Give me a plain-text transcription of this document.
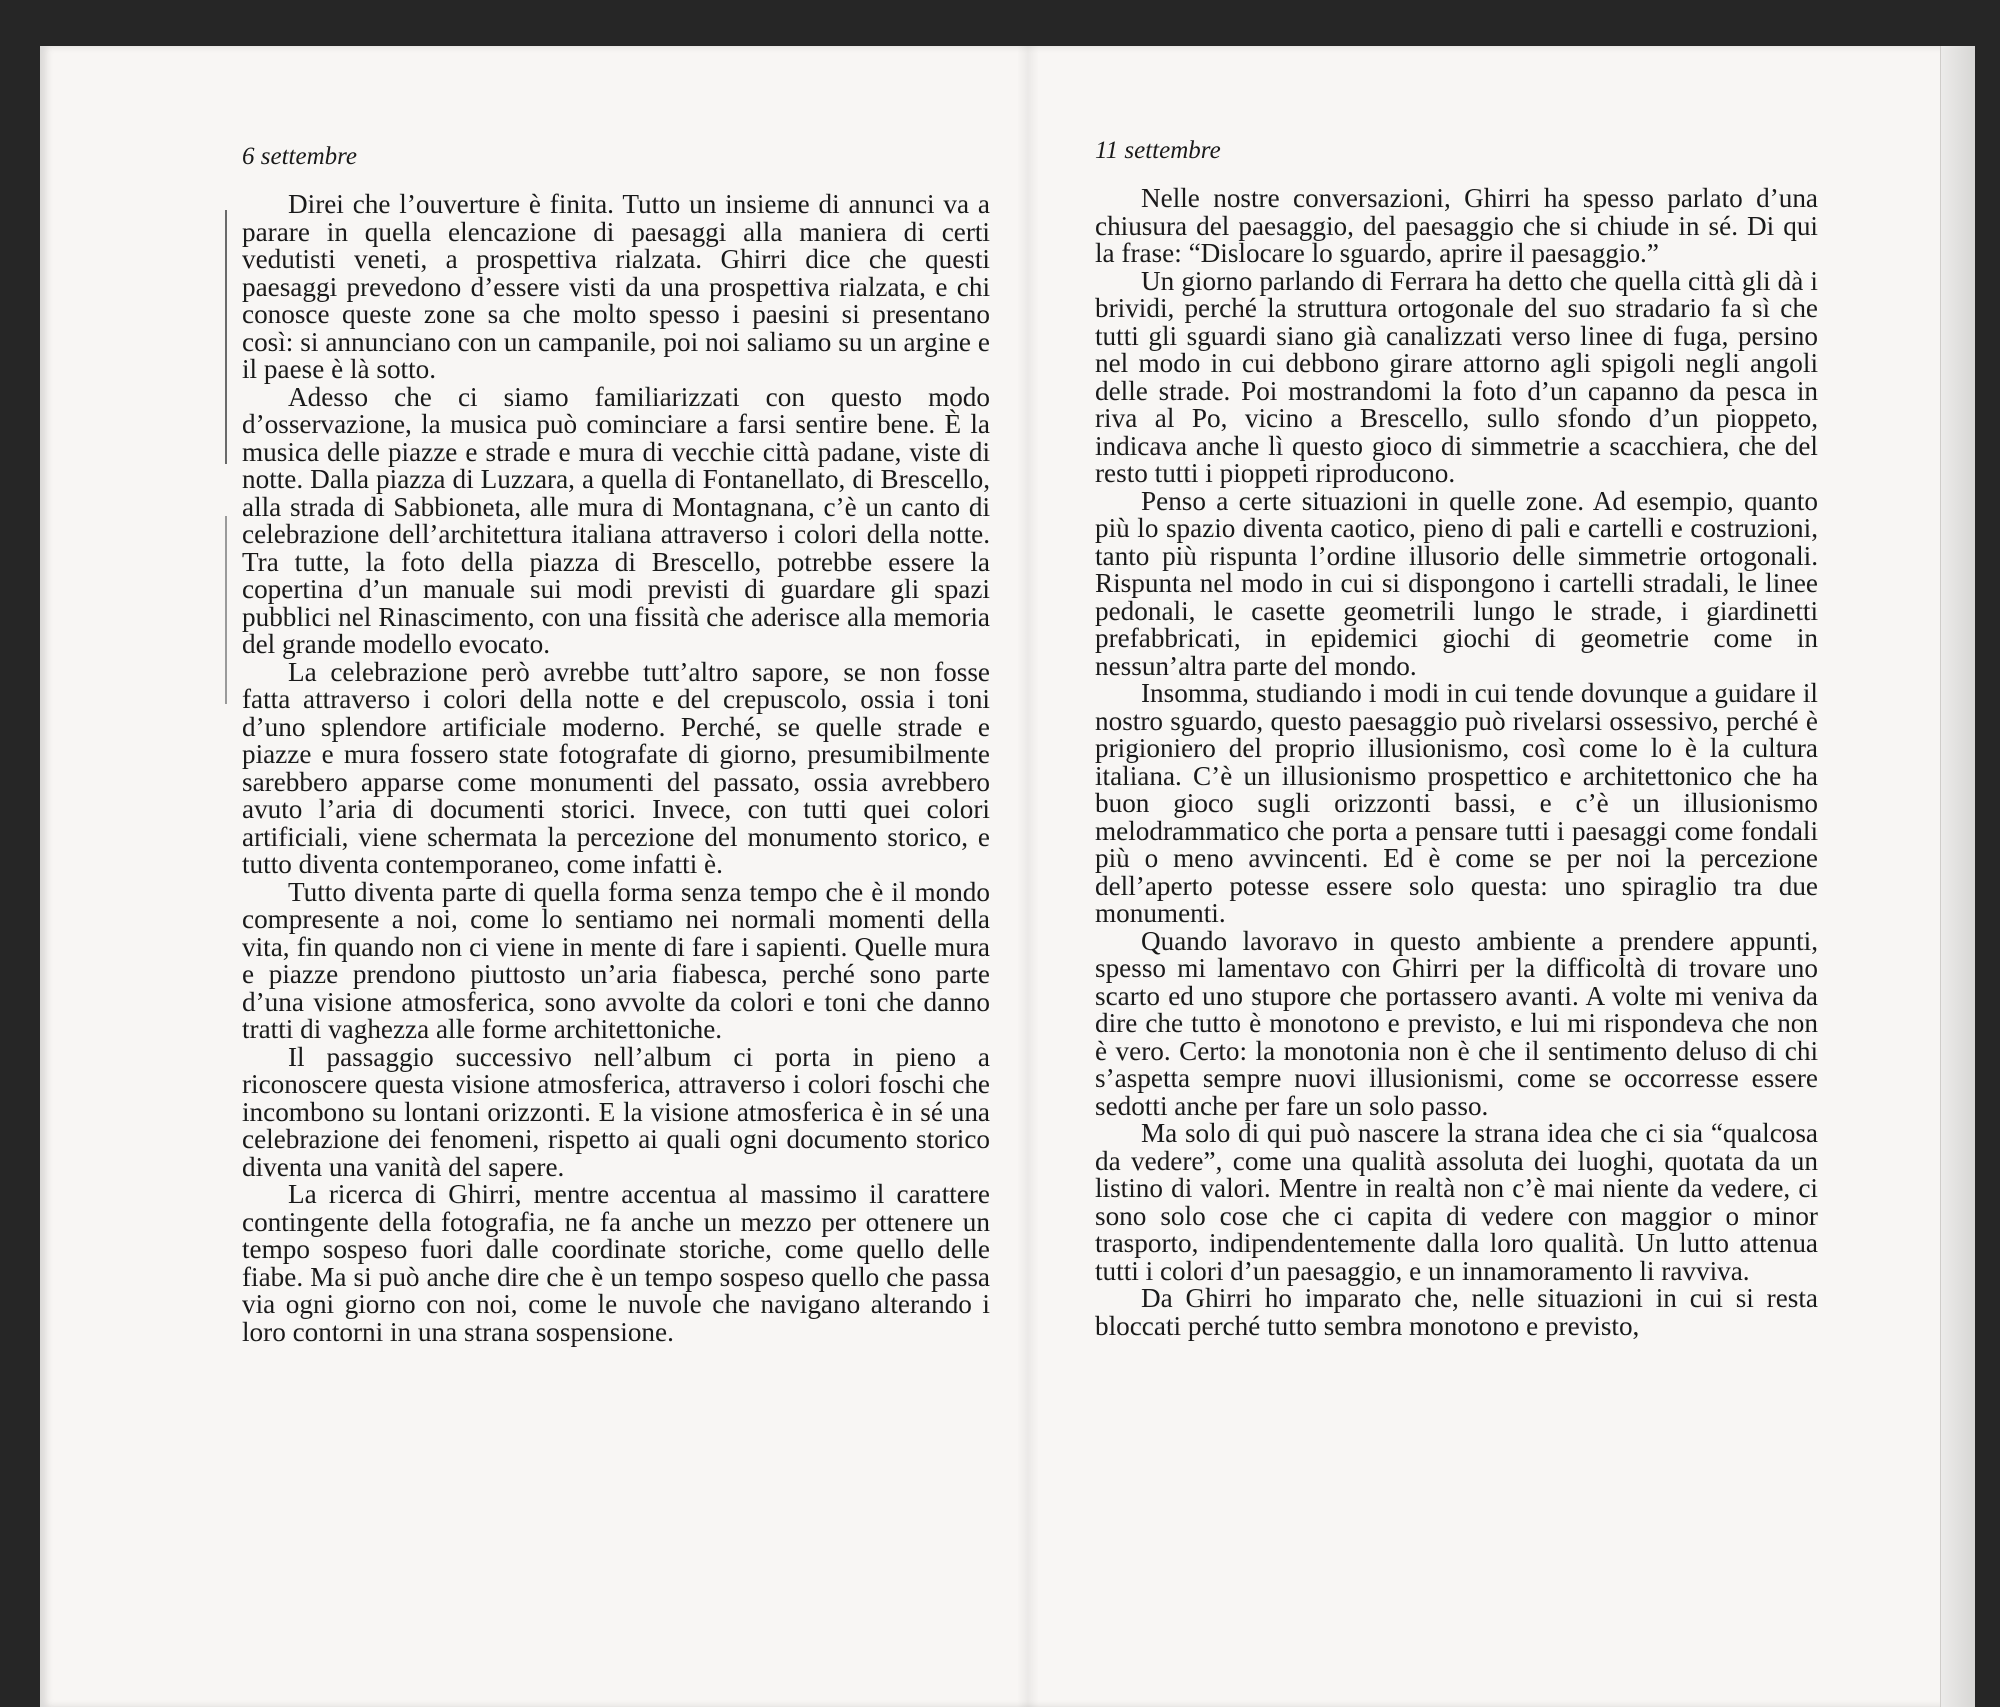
6 settembre

Direi che l’ouverture è finita. Tutto un insieme di annunci va a parare in quella elencazione di paesaggi alla maniera di certi vedutisti veneti, a prospettiva rialzata. Ghirri dice che questi paesaggi prevedono d’essere visti da una prospettiva rialzata, e chi conosce queste zone sa che molto spesso i paesini si presentano così: si annunciano con un campanile, poi noi saliamo su un argine e il paese è là sotto.

Adesso che ci siamo familiarizzati con questo modo d’osservazione, la musica può cominciare a farsi sentire bene. È la musica delle piazze e strade e mura di vecchie città padane, viste di notte. Dalla piazza di Luzzara, a quella di Fontanellato, di Brescello, alla strada di Sabbioneta, alle mura di Montagnana, c’è un canto di celebrazione dell’architettura italiana attraverso i colori della notte. Tra tutte, la foto della piazza di Brescello, potrebbe essere la copertina d’un manuale sui modi previsti di guardare gli spazi pubblici nel Rinascimento, con una fissità che aderisce alla memoria del grande modello evocato.

La celebrazione però avrebbe tutt’altro sapore, se non fosse fatta attraverso i colori della notte e del crepuscolo, ossia i toni d’uno splendore artificiale moderno. Perché, se quelle strade e piazze e mura fossero state fotografate di giorno, presumibilmente sarebbero apparse come monumenti del passato, ossia avrebbero avuto l’aria di documenti storici. Invece, con tutti quei colori artificiali, viene schermata la percezione del monumento storico, e tutto diventa contemporaneo, come infatti è.

Tutto diventa parte di quella forma senza tempo che è il mondo compresente a noi, come lo sentiamo nei normali momenti della vita, fin quando non ci viene in mente di fare i sapienti. Quelle mura e piazze prendono piuttosto un’aria fiabesca, perché sono parte d’una visione atmosferica, sono avvolte da colori e toni che danno tratti di vaghezza alle forme architettoniche.

Il passaggio successivo nell’album ci porta in pieno a riconoscere questa visione atmosferica, attraverso i colori foschi che incombono su lontani orizzonti. E la visione atmosferica è in sé una celebrazione dei fenomeni, rispetto ai quali ogni documento storico diventa una vanità del sapere.

La ricerca di Ghirri, mentre accentua al massimo il carattere contingente della fotografia, ne fa anche un mezzo per ottenere un tempo sospeso fuori dalle coordinate storiche, come quello delle fiabe. Ma si può anche dire che è un tempo sospeso quello che passa via ogni giorno con noi, come le nuvole che navigano alterando i loro contorni in una strana sospensione.

11 settembre

Nelle nostre conversazioni, Ghirri ha spesso parlato d’una chiusura del paesaggio, del paesaggio che si chiude in sé. Di qui la frase: “Dislocare lo sguardo, aprire il paesaggio.”

Un giorno parlando di Ferrara ha detto che quella città gli dà i brividi, perché la struttura ortogonale del suo stradario fa sì che tutti gli sguardi siano già canalizzati verso linee di fuga, persino nel modo in cui debbono girare attorno agli spigoli negli angoli delle strade. Poi mostrandomi la foto d’un capanno da pesca in riva al Po, vicino a Brescello, sullo sfondo d’un pioppeto, indicava anche lì questo gioco di simmetrie a scacchiera, che del resto tutti i pioppeti riproducono.

Penso a certe situazioni in quelle zone. Ad esempio, quanto più lo spazio diventa caotico, pieno di pali e cartelli e costruzioni, tanto più rispunta l’ordine illusorio delle simmetrie ortogonali. Rispunta nel modo in cui si dispongono i cartelli stradali, le linee pedonali, le casette geometrili lungo le strade, i giardinetti prefabbricati, in epidemici giochi di geometrie come in nessun’altra parte del mondo.

Insomma, studiando i modi in cui tende dovunque a guidare il nostro sguardo, questo paesaggio può rivelarsi ossessivo, perché è prigioniero del proprio illusionismo, così come lo è la cultura italiana. C’è un illusionismo prospettico e architettonico che ha buon gioco sugli orizzonti bassi, e c’è un illusionismo melodrammatico che porta a pensare tutti i paesaggi come fondali più o meno avvincenti. Ed è come se per noi la percezione dell’aperto potesse essere solo questa: uno spiraglio tra due monumenti.

Quando lavoravo in questo ambiente a prendere appunti, spesso mi lamentavo con Ghirri per la difficoltà di trovare uno scarto ed uno stupore che portassero avanti. A volte mi veniva da dire che tutto è monotono e previsto, e lui mi rispondeva che non è vero. Certo: la monotonia non è che il sentimento deluso di chi s’aspetta sempre nuovi illusionismi, come se occorresse essere sedotti anche per fare un solo passo.

Ma solo di qui può nascere la strana idea che ci sia “qualcosa da vedere”, come una qualità assoluta dei luoghi, quotata da un listino di valori. Mentre in realtà non c’è mai niente da vedere, ci sono solo cose che ci capita di vedere con maggior o minor trasporto, indipendentemente dalla loro qualità. Un lutto attenua tutti i colori d’un paesaggio, e un innamoramento li ravviva.

Da Ghirri ho imparato che, nelle situazioni in cui si resta bloccati perché tutto sembra monotono e previsto,
